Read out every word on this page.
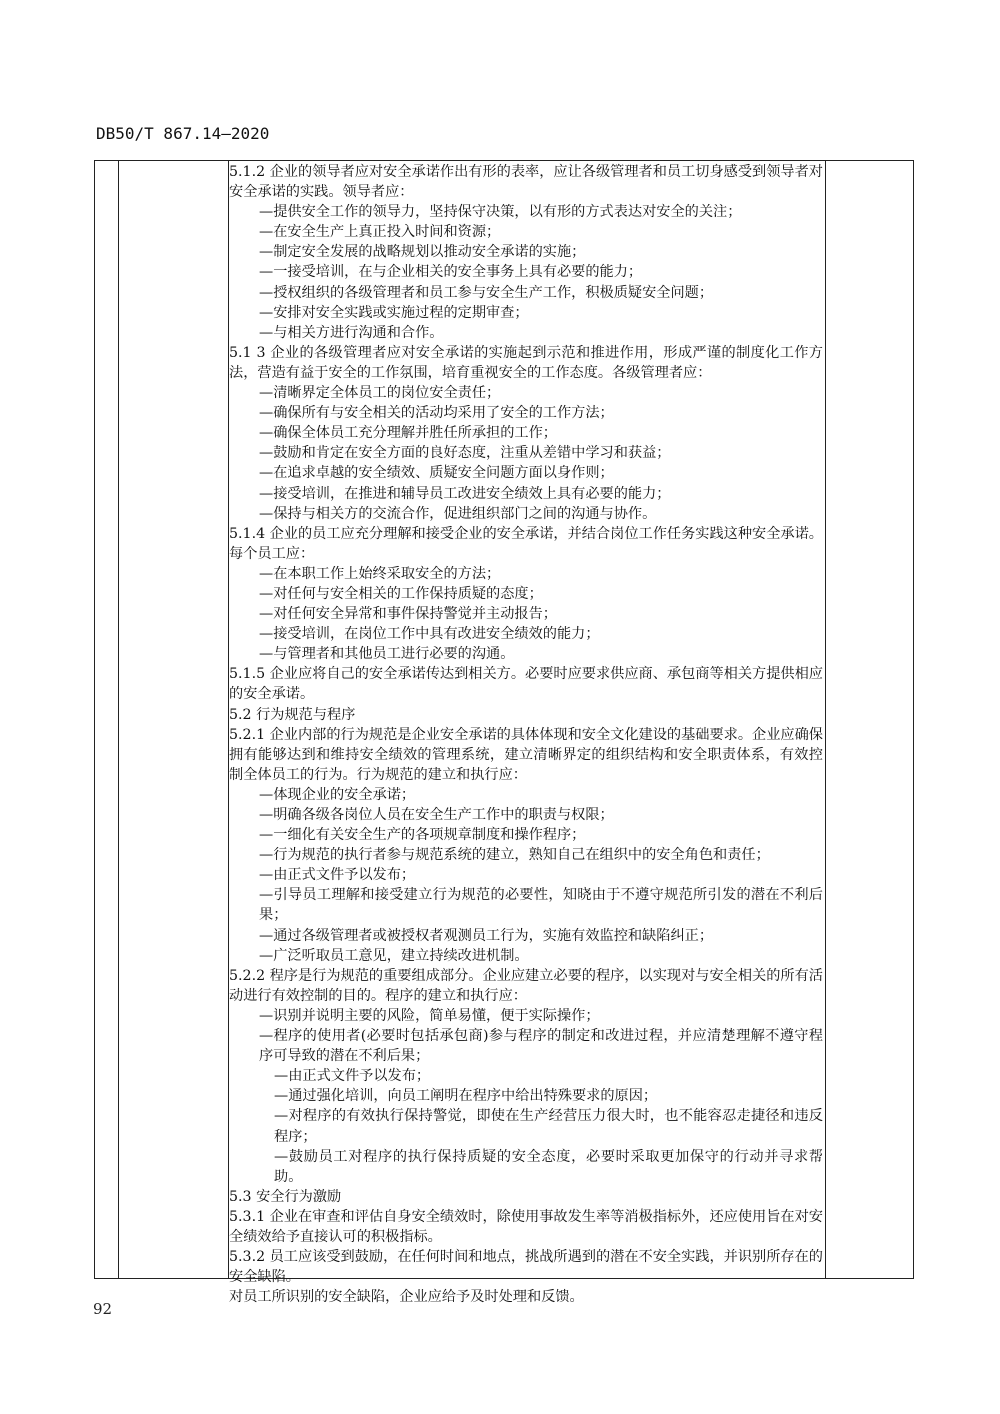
DB50/T 867.14—2020

5.1.2 企业的领导者应对安全承诺作出有形的表率，应让各级管理者和员工切身感受到领导者对安全承诺的实践。领导者应：

—提供安全工作的领导力，坚持保守决策，以有形的方式表达对安全的关注；

—在安全生产上真正投入时间和资源；

—制定安全发展的战略规划以推动安全承诺的实施；

—一接受培训，在与企业相关的安全事务上具有必要的能力；

—授权组织的各级管理者和员工参与安全生产工作，积极质疑安全问题；

—安排对安全实践或实施过程的定期审查；

—与相关方进行沟通和合作。

5.1 3 企业的各级管理者应对安全承诺的实施起到示范和推进作用，形成严谨的制度化工作方法，营造有益于安全的工作氛围，培育重视安全的工作态度。各级管理者应：

—清晰界定全体员工的岗位安全责任；

—确保所有与安全相关的活动均采用了安全的工作方法；

—确保全体员工充分理解并胜任所承担的工作；

—鼓励和肯定在安全方面的良好态度，注重从差错中学习和获益；

—在追求卓越的安全绩效、质疑安全问题方面以身作则；

—接受培训，在推进和辅导员工改进安全绩效上具有必要的能力；

—保持与相关方的交流合作，促进组织部门之间的沟通与协作。

5.1.4 企业的员工应充分理解和接受企业的安全承诺，并结合岗位工作任务实践这种安全承诺。每个员工应：

—在本职工作上始终采取安全的方法；

—对任何与安全相关的工作保持质疑的态度；

—对任何安全异常和事件保持警觉并主动报告；

—接受培训，在岗位工作中具有改进安全绩效的能力；

—与管理者和其他员工进行必要的沟通。

5.1.5 企业应将自己的安全承诺传达到相关方。必要时应要求供应商、承包商等相关方提供相应的安全承诺。

5.2 行为规范与程序

5.2.1 企业内部的行为规范是企业安全承诺的具体体现和安全文化建设的基础要求。企业应确保拥有能够达到和维持安全绩效的管理系统，建立清晰界定的组织结构和安全职责体系，有效控制全体员工的行为。行为规范的建立和执行应：

—体现企业的安全承诺；

—明确各级各岗位人员在安全生产工作中的职责与权限；

—一细化有关安全生产的各项规章制度和操作程序；

—行为规范的执行者参与规范系统的建立，熟知自己在组织中的安全角色和责任；

—由正式文件予以发布；

—引导员工理解和接受建立行为规范的必要性，知晓由于不遵守规范所引发的潜在不利后果；

—通过各级管理者或被授权者观测员工行为，实施有效监控和缺陷纠正；

—广泛听取员工意见，建立持续改进机制。

5.2.2 程序是行为规范的重要组成部分。企业应建立必要的程序，以实现对与安全相关的所有活动进行有效控制的目的。程序的建立和执行应：

—识别并说明主要的风险，简单易懂，便于实际操作；

—程序的使用者(必要时包括承包商)参与程序的制定和改进过程，并应清楚理解不遵守程序可导致的潜在不利后果；

—由正式文件予以发布；

—通过强化培训，向员工阐明在程序中给出特殊要求的原因；

—对程序的有效执行保持警觉，即使在生产经营压力很大时，也不能容忍走捷径和违反程序；

—鼓励员工对程序的执行保持质疑的安全态度，必要时采取更加保守的行动并寻求帮助。

5.3 安全行为激励

5.3.1 企业在审查和评估自身安全绩效时，除使用事故发生率等消极指标外，还应使用旨在对安全绩效给予直接认可的积极指标。

5.3.2 员工应该受到鼓励，在任何时间和地点，挑战所遇到的潜在不安全实践，并识别所存在的安全缺陷。

对员工所识别的安全缺陷，企业应给予及时处理和反馈。

92
